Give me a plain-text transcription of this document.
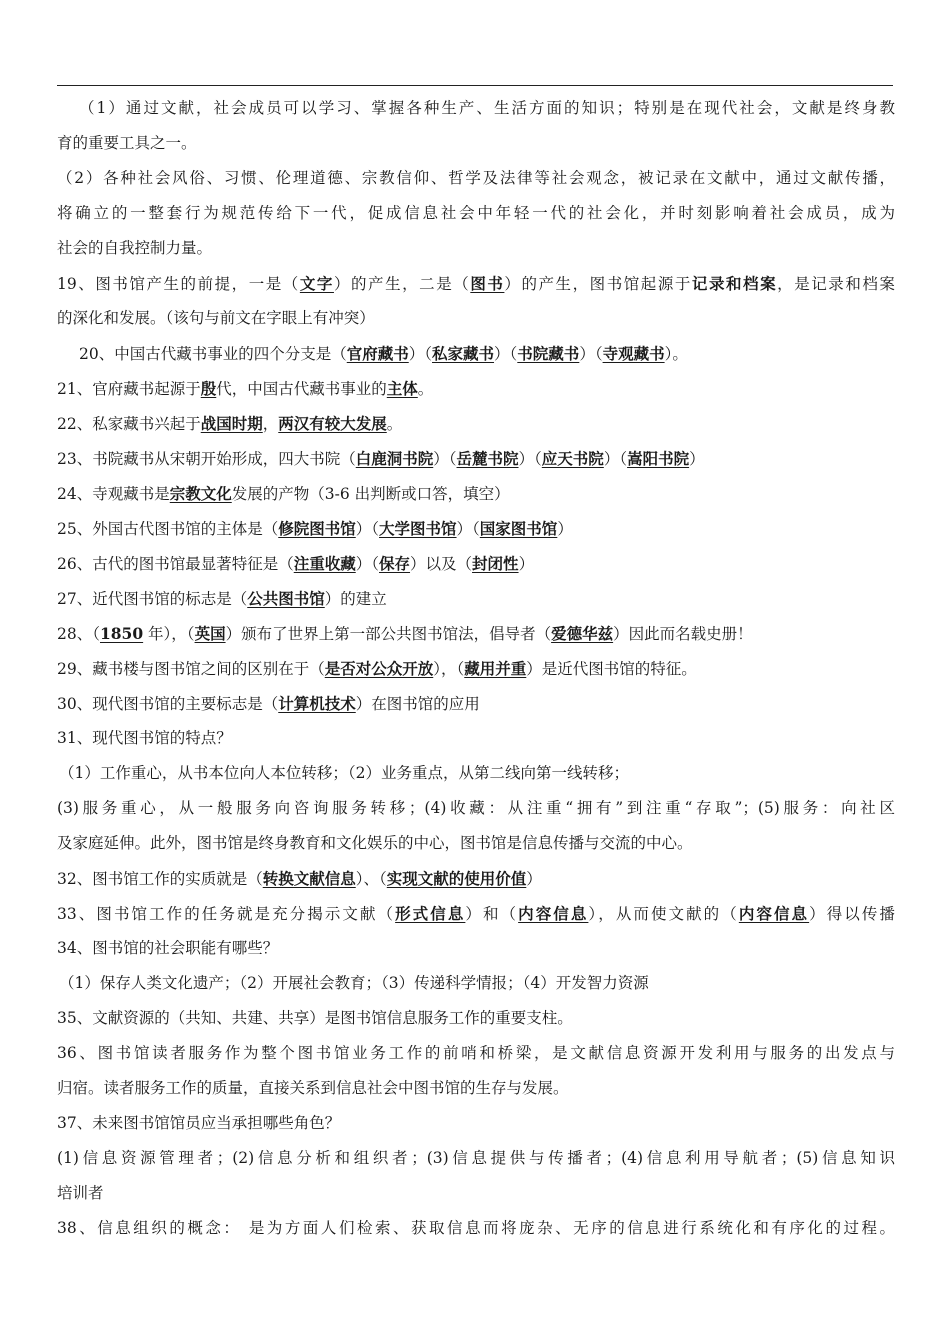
（1）通过文献，社会成员可以学习、掌握各种生产、生活方面的知识；特别是在现代社会，文献是终身教
育的重要工具之一。
（2）各种社会风俗、习惯、伦理道德、宗教信仰、哲学及法律等社会观念，被记录在文献中，通过文献传播，
将确立的一整套行为规范传给下一代，促成信息社会中年轻一代的社会化，并时刻影响着社会成员，成为
社会的自我控制力量。
19、图书馆产生的前提，一是（文字）的产生，二是（图书）的产生，图书馆起源于记录和档案，是记录和档案
的深化和发展。（该句与前文在字眼上有冲突）
20、中国古代藏书事业的四个分支是（官府藏书）（私家藏书）（书院藏书）（寺观藏书）。
21、官府藏书起源于殷代，中国古代藏书事业的主体。
22、私家藏书兴起于战国时期，两汉有较大发展。
23、书院藏书从宋朝开始形成，四大书院（白鹿洞书院）（岳麓书院）（应天书院）（嵩阳书院）
24、寺观藏书是宗教文化发展的产物（3-6 出判断或口答，填空）
25、外国古代图书馆的主体是（修院图书馆）（大学图书馆）（国家图书馆）
26、古代的图书馆最显著特征是（注重收藏）（保存）以及（封闭性）
27、近代图书馆的标志是（公共图书馆）的建立
28、（1850 年），（英国）颁布了世界上第一部公共图书馆法，倡导者（爱德华兹）因此而名载史册！
29、藏书楼与图书馆之间的区别在于（是否对公众开放），（藏用并重）是近代图书馆的特征。
30、现代图书馆的主要标志是（计算机技术）在图书馆的应用
31、现代图书馆的特点？
（1）工作重心，从书本位向人本位转移；（2）业务重点，从第二线向第一线转移；
(3)服务重心，从一般服务向咨询服务转移；(4)收藏：从注重“拥有”到注重“存取”；(5)服务：向社区
及家庭延伸。此外，图书馆是终身教育和文化娱乐的中心，图书馆是信息传播与交流的中心。
32、图书馆工作的实质就是（转换文献信息）、（实现文献的使用价值）
33、图书馆工作的任务就是充分揭示文献（形式信息）和（内容信息），从而使文献的（内容信息）得以传播
34、图书馆的社会职能有哪些？
（1）保存人类文化遗产；（2）开展社会教育；（3）传递科学情报；（4）开发智力资源
35、文献资源的（共知、共建、共享）是图书馆信息服务工作的重要支柱。
36、图书馆读者服务作为整个图书馆业务工作的前哨和桥梁，是文献信息资源开发利用与服务的出发点与
归宿。读者服务工作的质量，直接关系到信息社会中图书馆的生存与发展。
37、未来图书馆馆员应当承担哪些角色？
(1)信息资源管理者；(2)信息分析和组织者；(3)信息提供与传播者；(4)信息利用导航者；(5)信息知识
培训者
38、信息组织的概念： 是为方面人们检索、获取信息而将庞杂、无序的信息进行系统化和有序化的过程。
